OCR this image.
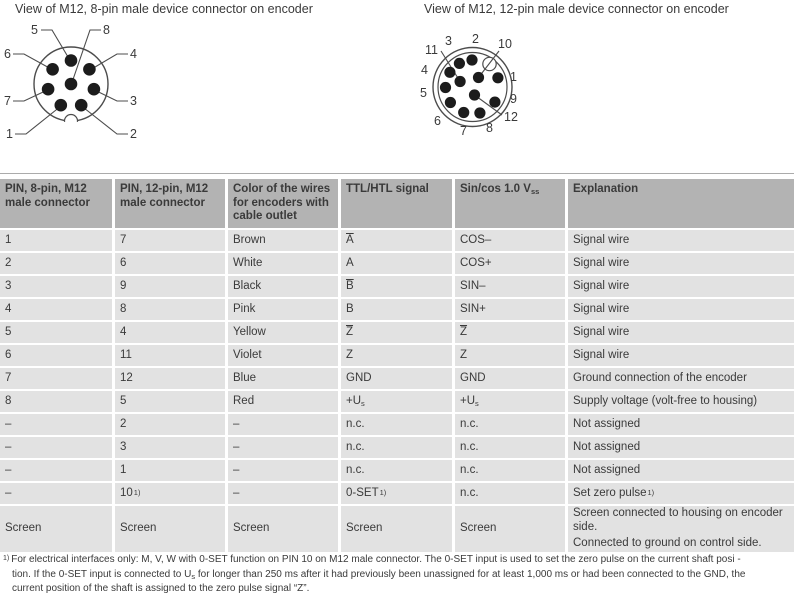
View of M12, 8-pin male device connector on encoder	View of M12, 12-pin male device connector on encoder
5	8
6	4
7	3
1	2
3 2
11	10
4	1
5	9
6	12
7 8
PIN, 8-pin, M12 male connector	PIN, 12-pin, M12 male connector	Color of the wires for encoders with cable outlet	TTL/HTL signal	Sin/cos 1.0 Vss	Explanation
1	7	Brown	$\overline{A}$	COS–	Signal wire
2	6	White	A	COS+	Signal wire
3	9	Black	$\overline{B}$	SIN–	Signal wire
4	8	Pink	B	SIN+	Signal wire
5	4	Yellow	$\overline{Z}$	$\overline{Z}$	Signal wire
6	11	Violet	Z	Z	Signal wire
7	12	Blue	GND	GND	Ground connection of the encoder
8	5	Red	+Us	+Us	Supply voltage (volt-free to housing)
–	2	–	n.c.	n.c.	Not assigned
–	3	–	n.c.	n.c.	Not assigned
–	1	–	n.c.	n.c.	Not assigned
–	10$^{1)}$	–	0-SET$^{1)}$	n.c.	Set zero pulse$^{1)}$
Screen	Screen	Screen	Screen	Screen	Screen connected to housing on encoder side.
Connected to ground on control side.
$^{1)}$ For electrical interfaces only: M, V, W with 0-SET function on PIN 10 on M12 male connector. The 0-SET input is used to set the zero pulse on the current shaft posi -
tion. If the 0-SET input is connected to $U_s$ for longer than 250 ms after it had previously been unassigned for at least 1,000 ms or had been connected to the GND, the
current position of the shaft is assigned to the zero pulse signal “Z”.
